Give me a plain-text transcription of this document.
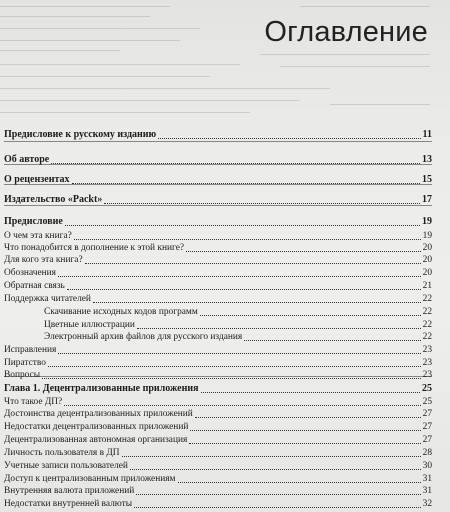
Оглавление
Предисловие к русскому изданию	11
Об авторе	13
О рецензентах	15
Издательство «Packt»	17
Предисловие	19
О чем эта книга?	19
Что понадобится в дополнение к этой книге?	20
Для кого эта книга?	20
Обозначения	20
Обратная связь	21
Поддержка читателей	22
Скачивание исходных кодов программ	22
Цветные иллюстрации	22
Электронный архив файлов для русского издания	22
Исправления	23
Пиратство	23
Вопросы	23
Глава 1. Децентрализованные приложения	25
Что такое ДП?	25
Достоинства децентрализованных приложений	27
Недостатки децентрализованных приложений	27
Децентрализованная автономная организация	27
Личность пользователя в ДП	28
Учетные записи пользователей	30
Доступ к централизованным приложениям	31
Внутренняя валюта приложений	31
Недостатки внутренней валюты	32
